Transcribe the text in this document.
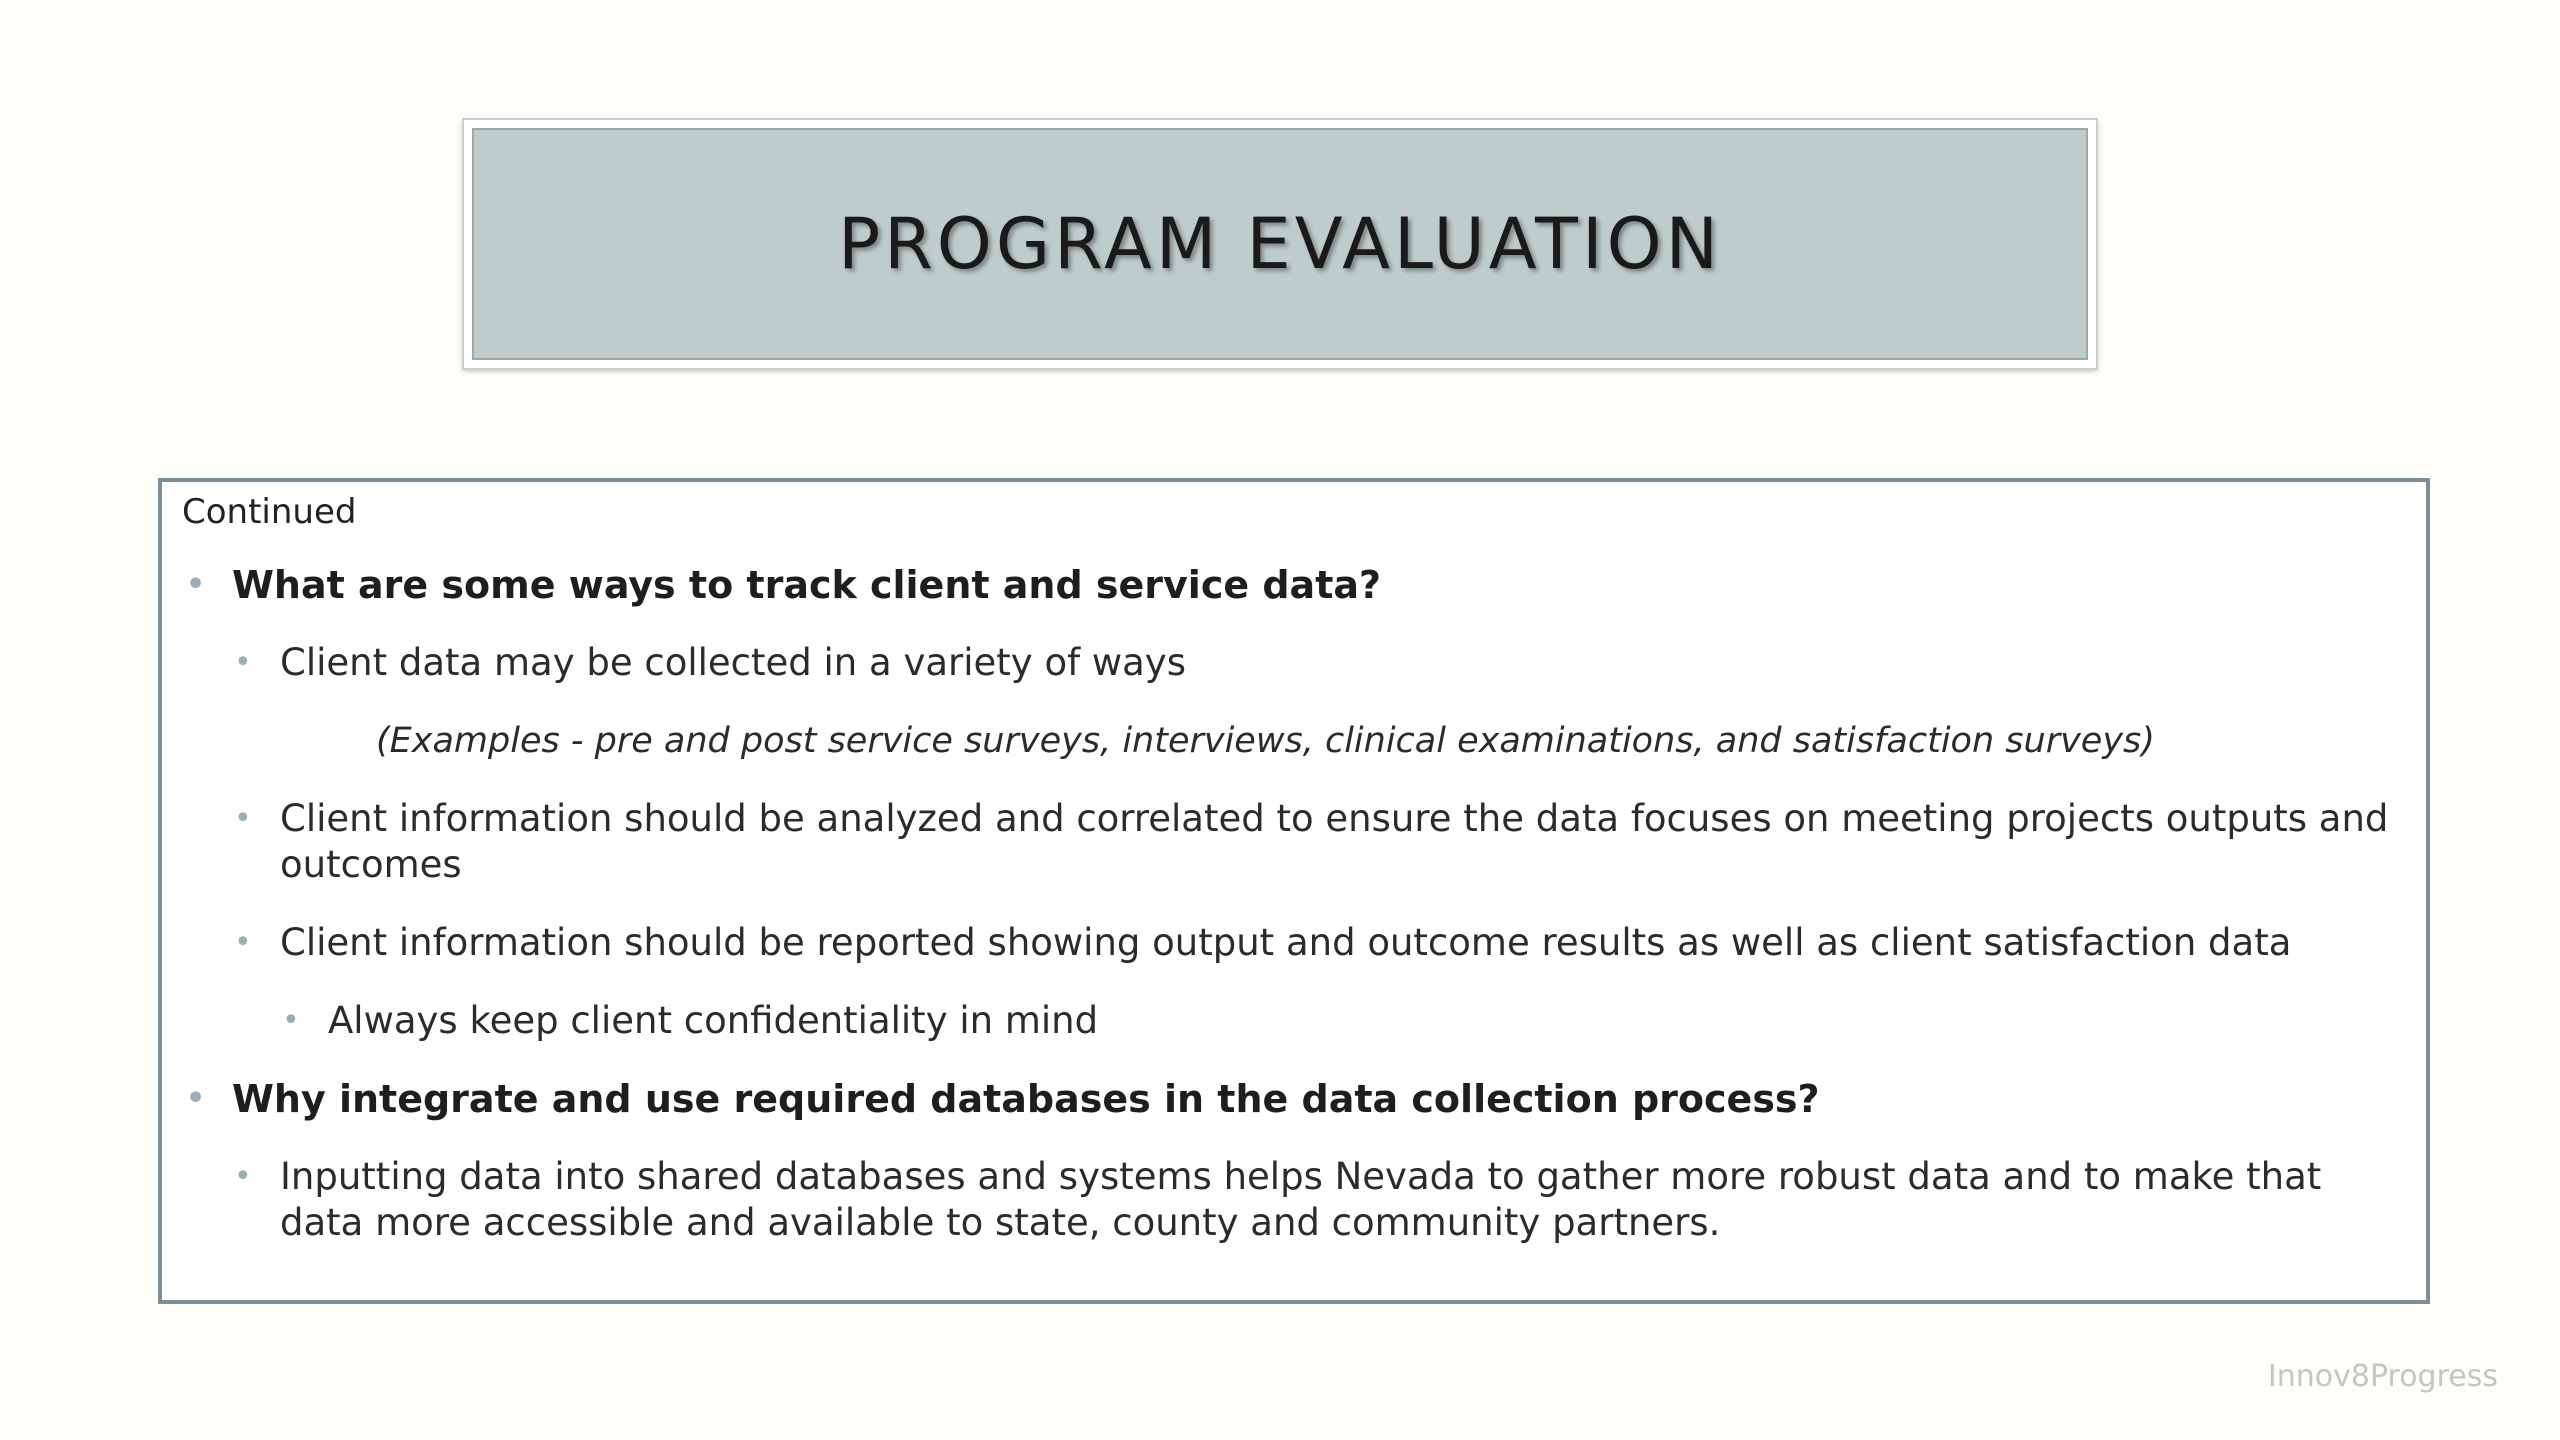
PROGRAM EVALUATION
Continued
• What are some ways to track client and service data?
• Client data may be collected in a variety of ways
(Examples - pre and post service surveys, interviews, clinical examinations, and satisfaction surveys)
• Client information should be analyzed and correlated to ensure the data focuses on meeting projects outputs and outcomes
• Client information should be reported showing output and outcome results as well as client satisfaction data
• Always keep client confidentiality in mind
• Why integrate and use required databases in the data collection process?
• Inputting data into shared databases and systems helps Nevada to gather more robust data and to make that data more accessible and available to state, county and community partners.
Innov8Progress
